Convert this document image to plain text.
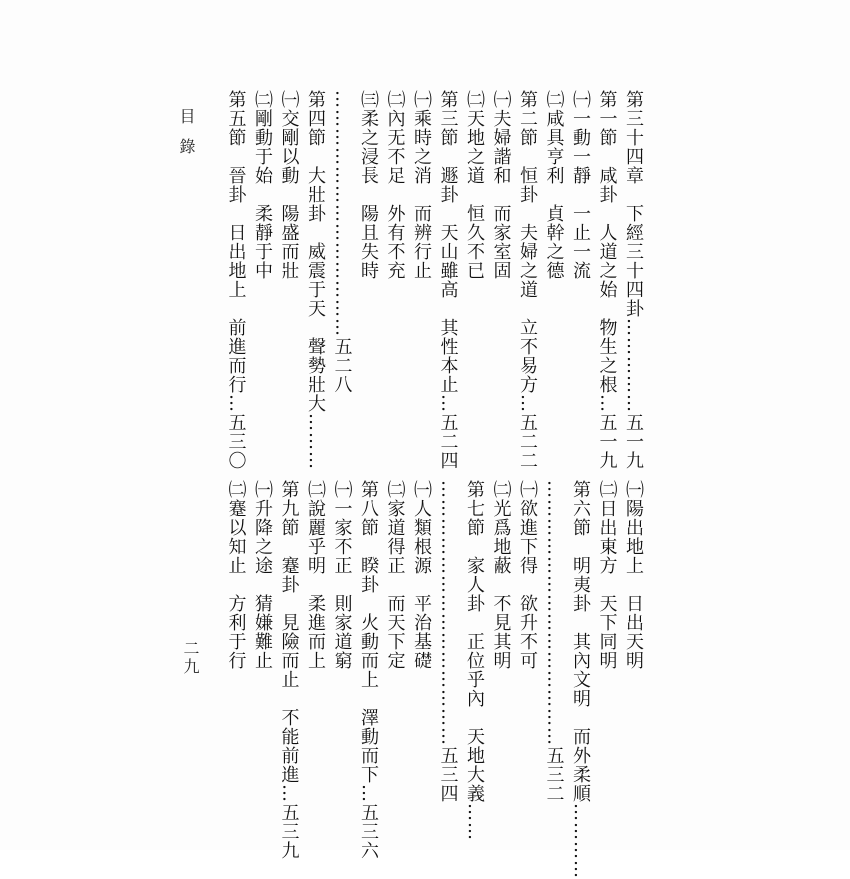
目錄
二九
第三十四章　下經三十四卦……………五一九
第一節　咸卦　人道之始　物生之根…五一九
㈠一動一靜　一止一流
㈡咸具亨利　貞幹之德
第二節　恒卦　夫婦之道　立不易方…五二二
㈠夫婦諧和　而家室固
㈡天地之道　恒久不已
第三節　遯卦　天山雖高　其性本止…五二四
㈠乘時之消　而辨行止
㈡內无不足　外有不充
㈢柔之浸長　陽且失時
…………………………………五二八
第四節　大壯卦　威震于天　聲勢壯大………
㈠交剛以動　陽盛而壯
㈡剛動于始　柔靜于中
第五節　晉卦　日出地上　前進而行…五三〇
㈠陽出地上　日出天明
㈡日出東方　天下同明
第六節　明夷卦　其內文明　而外柔順…………
……………………………………五三二
㈠欲進下得　欲升不可
㈡光爲地蔽　不見其明
第七節　家人卦　正位乎內　天地大義……
……………………………………五三四
㈠人類根源　平治基礎
㈡家道得正　而天下定
第八節　睽卦　火動而上　澤動而下…五三六
㈠一家不正　則家道窮
㈡說麗乎明　柔進而上
第九節　蹇卦　見險而止　不能前進…五三九
㈠升降之途　猜嫌難止
㈡蹇以知止　方利于行
